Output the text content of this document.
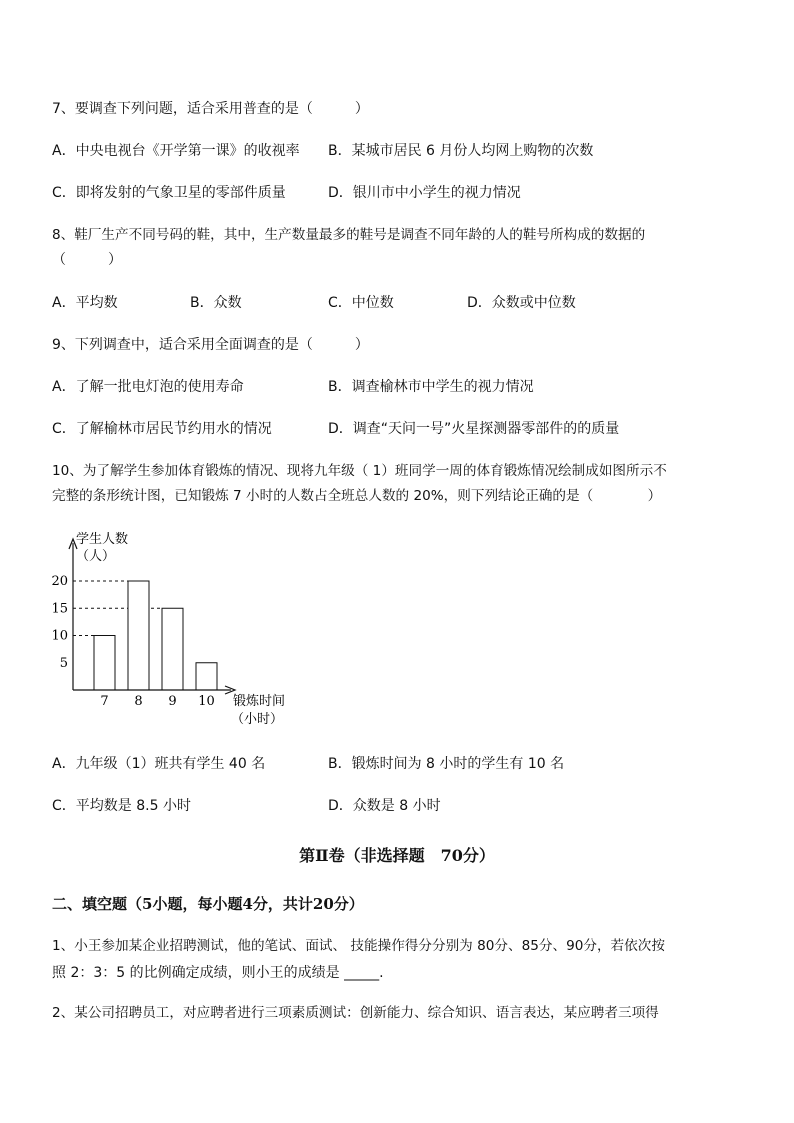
7、要调查下列问题，适合采用普查的是（　　　）
A．中央电视台《开学第一课》的收视率 B．某城市居民 6 月份人均网上购物的次数
C．即将发射的气象卫星的零部件质量	D．银川市中小学生的视力情况
8、鞋厂生产不同号码的鞋，其中，生产数量最多的鞋号是调查不同年龄的人的鞋号所构成的数据的
（　　　）
A．平均数	B．众数	C．中位数	D．众数或中位数
9、下列调查中，适合采用全面调查的是（　　　）
A．了解一批电灯泡的使用寿命	B．调查榆林市中学生的视力情况
C．了解榆林市居民节约用水的情况	D．调查“天问一号”火星探测器零部件的的质量
10、为了解学生参加体育锻炼的情况、现将九年级（ 1）班同学一周的体育锻炼情况绘制成如图所示不
完整的条形统计图，已知锻炼 7 小时的人数占全班总人数的 20%，则下列结论正确的是（　　　　）
5
10
15
20
7 8 9 10
学生人数
（人）
锻炼时间
（小时）
A．九年级（1）班共有学生 40 名	B．锻炼时间为 8 小时的学生有 10 名
C．平均数是 8.5 小时	D．众数是 8 小时
第Ⅱ卷（非选择题　70分）
二、填空题（5小题，每小题4分，共计20分）
1、小王参加某企业招聘测试，他的笔试、面试、 技能操作得分分别为 80分、85分、90分，若依次按
照 2：3：5 的比例确定成绩，则小王的成绩是 _____.
2、某公司招聘员工，对应聘者进行三项素质测试：创新能力、综合知识、语言表达，某应聘者三项得
